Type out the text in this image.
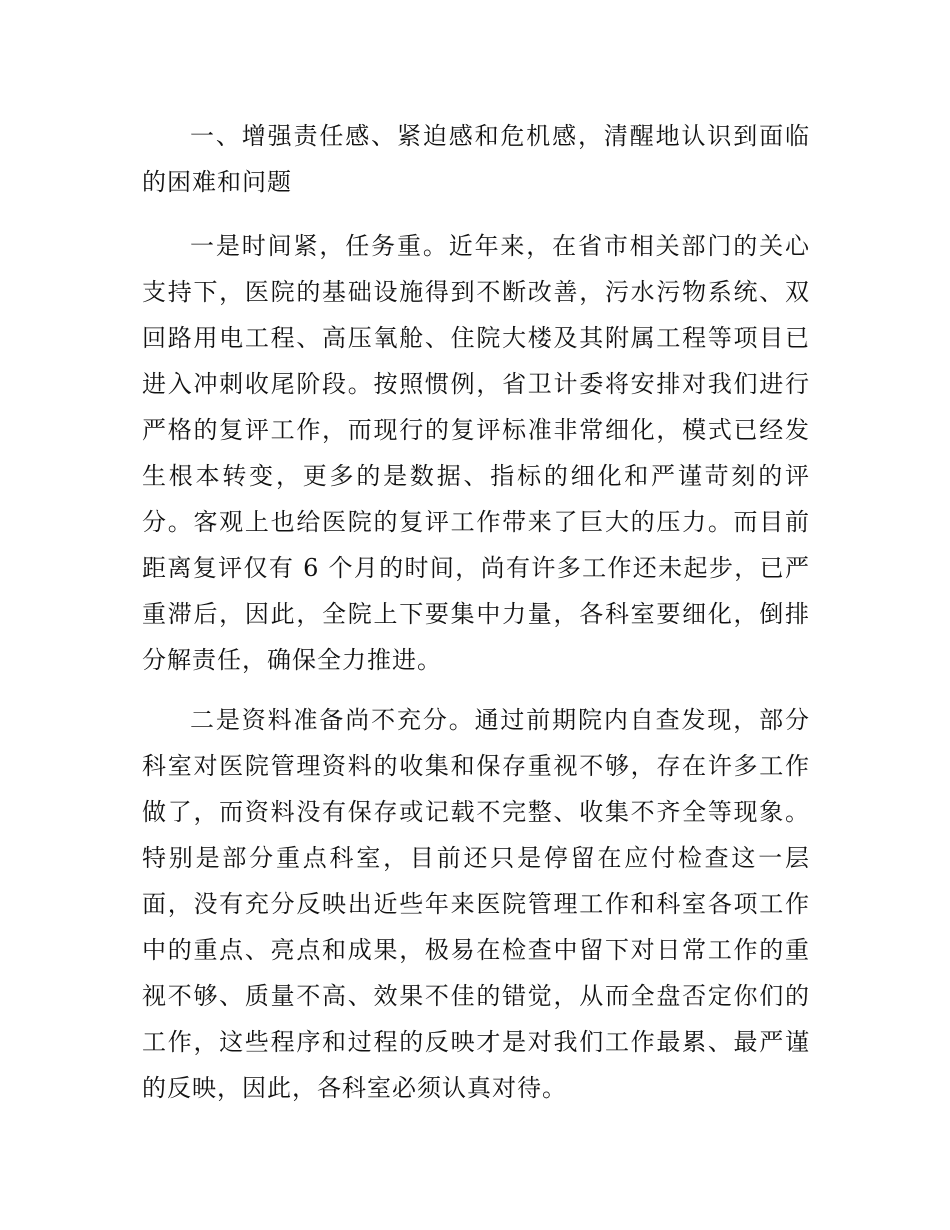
一、增强责任感、紧迫感和危机感，清醒地认识到面临的困难和问题

一是时间紧，任务重。近年来，在省市相关部门的关心支持下，医院的基础设施得到不断改善，污水污物系统、双回路用电工程、高压氧舱、住院大楼及其附属工程等项目已进入冲刺收尾阶段。按照惯例，省卫计委将安排对我们进行严格的复评工作，而现行的复评标准非常细化，模式已经发生根本转变，更多的是数据、指标的细化和严谨苛刻的评分。客观上也给医院的复评工作带来了巨大的压力。而目前距离复评仅有 6 个月的时间，尚有许多工作还未起步，已严重滞后，因此，全院上下要集中力量，各科室要细化，倒排分解责任，确保全力推进。

二是资料准备尚不充分。通过前期院内自查发现，部分科室对医院管理资料的收集和保存重视不够，存在许多工作做了，而资料没有保存或记载不完整、收集不齐全等现象。特别是部分重点科室，目前还只是停留在应付检查这一层面，没有充分反映出近些年来医院管理工作和科室各项工作中的重点、亮点和成果，极易在检查中留下对日常工作的重视不够、质量不高、效果不佳的错觉，从而全盘否定你们的工作，这些程序和过程的反映才是对我们工作最累、最严谨的反映，因此，各科室必须认真对待。
